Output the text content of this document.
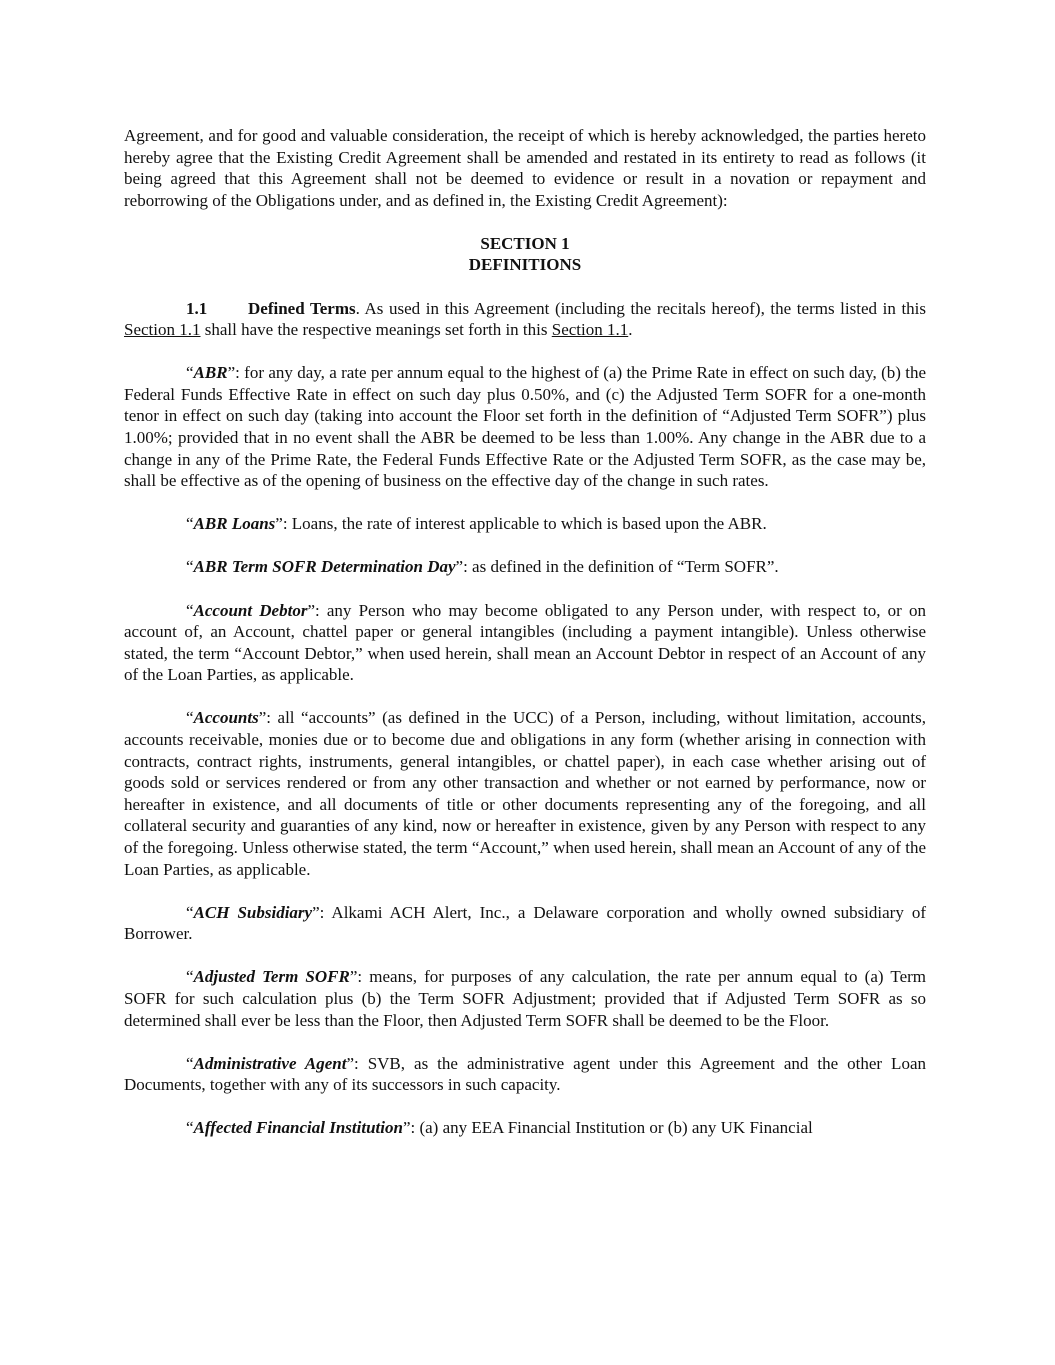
Agreement, and for good and valuable consideration, the receipt of which is hereby acknowledged, the parties hereto hereby agree that the Existing Credit Agreement shall be amended and restated in its entirety to read as follows (it being agreed that this Agreement shall not be deemed to evidence or result in a novation or repayment and reborrowing of the Obligations under, and as defined in, the Existing Credit Agreement):

SECTION 1
DEFINITIONS

1.1 Defined Terms. As used in this Agreement (including the recitals hereof), the terms listed in this Section 1.1 shall have the respective meanings set forth in this Section 1.1.

“ABR”: for any day, a rate per annum equal to the highest of (a) the Prime Rate in effect on such day, (b) the Federal Funds Effective Rate in effect on such day plus 0.50%, and (c) the Adjusted Term SOFR for a one-month tenor in effect on such day (taking into account the Floor set forth in the definition of “Adjusted Term SOFR”) plus 1.00%; provided that in no event shall the ABR be deemed to be less than 1.00%. Any change in the ABR due to a change in any of the Prime Rate, the Federal Funds Effective Rate or the Adjusted Term SOFR, as the case may be, shall be effective as of the opening of business on the effective day of the change in such rates.

“ABR Loans”: Loans, the rate of interest applicable to which is based upon the ABR.

“ABR Term SOFR Determination Day”: as defined in the definition of “Term SOFR”.

“Account Debtor”: any Person who may become obligated to any Person under, with respect to, or on account of, an Account, chattel paper or general intangibles (including a payment intangible). Unless otherwise stated, the term “Account Debtor,” when used herein, shall mean an Account Debtor in respect of an Account of any of the Loan Parties, as applicable.

“Accounts”: all “accounts” (as defined in the UCC) of a Person, including, without limitation, accounts, accounts receivable, monies due or to become due and obligations in any form (whether arising in connection with contracts, contract rights, instruments, general intangibles, or chattel paper), in each case whether arising out of goods sold or services rendered or from any other transaction and whether or not earned by performance, now or hereafter in existence, and all documents of title or other documents representing any of the foregoing, and all collateral security and guaranties of any kind, now or hereafter in existence, given by any Person with respect to any of the foregoing. Unless otherwise stated, the term “Account,” when used herein, shall mean an Account of any of the Loan Parties, as applicable.

“ACH Subsidiary”: Alkami ACH Alert, Inc., a Delaware corporation and wholly owned subsidiary of Borrower.

“Adjusted Term SOFR”: means, for purposes of any calculation, the rate per annum equal to (a) Term SOFR for such calculation plus (b) the Term SOFR Adjustment; provided that if Adjusted Term SOFR as so determined shall ever be less than the Floor, then Adjusted Term SOFR shall be deemed to be the Floor.

“Administrative Agent”: SVB, as the administrative agent under this Agreement and the other Loan Documents, together with any of its successors in such capacity.

“Affected Financial Institution”: (a) any EEA Financial Institution or (b) any UK Financial
